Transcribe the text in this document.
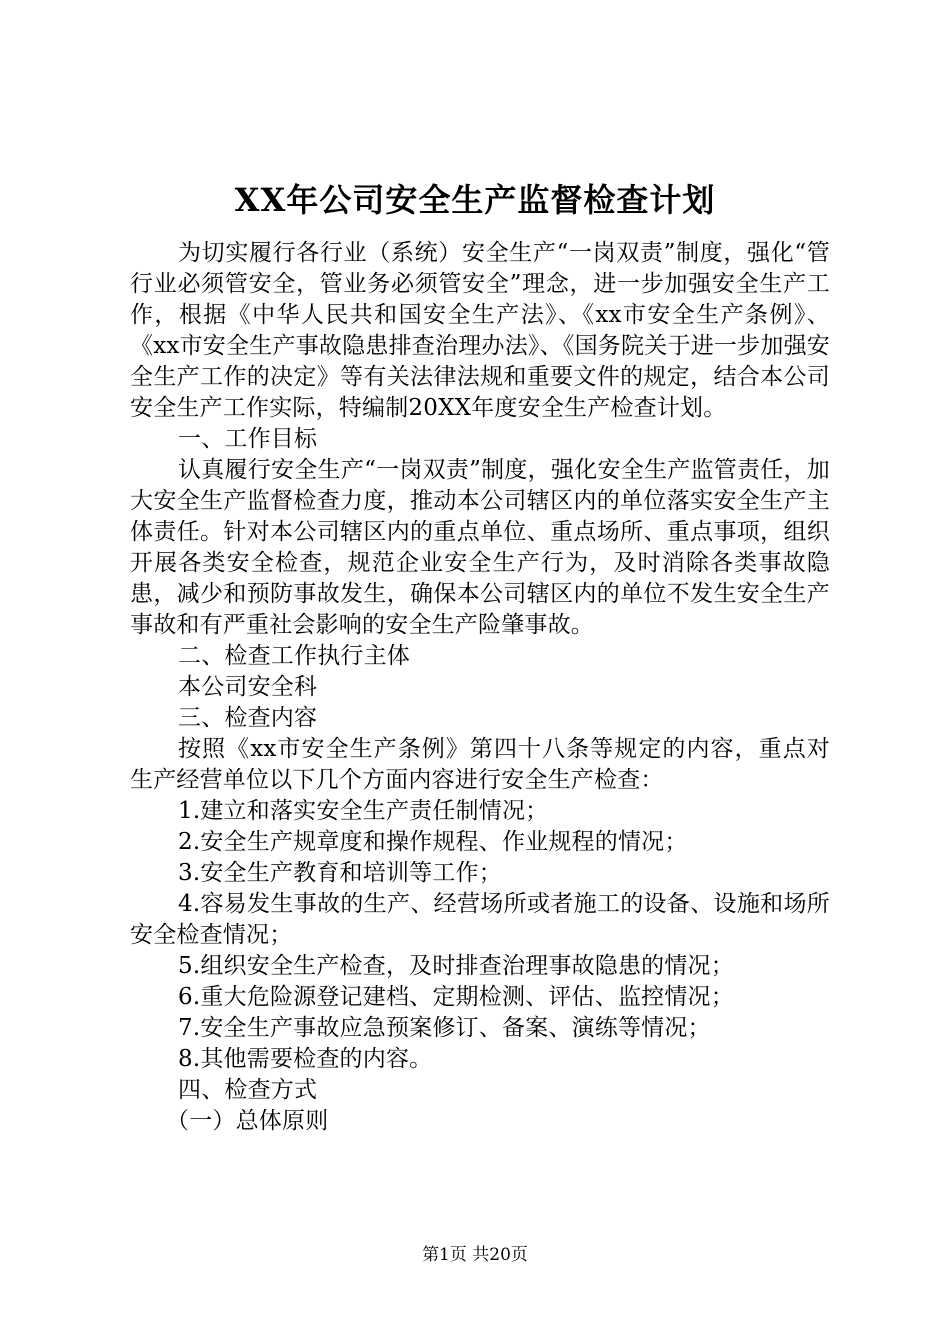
XX年公司安全生产监督检查计划

为切实履行各行业（系统）安全生产“一岗双责”制度，强化“管行业必须管安全，管业务必须管安全”理念，进一步加强安全生产工作，根据《中华人民共和国安全生产法》、《xx市安全生产条例》、《xx市安全生产事故隐患排查治理办法》、《国务院关于进一步加强安全生产工作的决定》等有关法律法规和重要文件的规定，结合本公司安全生产工作实际，特编制20XX年度安全生产检查计划。

一、工作目标

认真履行安全生产“一岗双责”制度，强化安全生产监管责任，加大安全生产监督检查力度，推动本公司辖区内的单位落实安全生产主体责任。针对本公司辖区内的重点单位、重点场所、重点事项，组织开展各类安全检查，规范企业安全生产行为，及时消除各类事故隐患，减少和预防事故发生，确保本公司辖区内的单位不发生安全生产事故和有严重社会影响的安全生产险肇事故。

二、检查工作执行主体

本公司安全科

三、检查内容

按照《xx市安全生产条例》第四十八条等规定的内容，重点对生产经营单位以下几个方面内容进行安全生产检查：

1.建立和落实安全生产责任制情况；

2.安全生产规章度和操作规程、作业规程的情况；

3.安全生产教育和培训等工作；

4.容易发生事故的生产、经营场所或者施工的设备、设施和场所安全检查情况；

5.组织安全生产检查，及时排查治理事故隐患的情况；

6.重大危险源登记建档、定期检测、评估、监控情况；

7.安全生产事故应急预案修订、备案、演练等情况；

8.其他需要检查的内容。

四、检查方式

（一）总体原则

第1页 共20页
